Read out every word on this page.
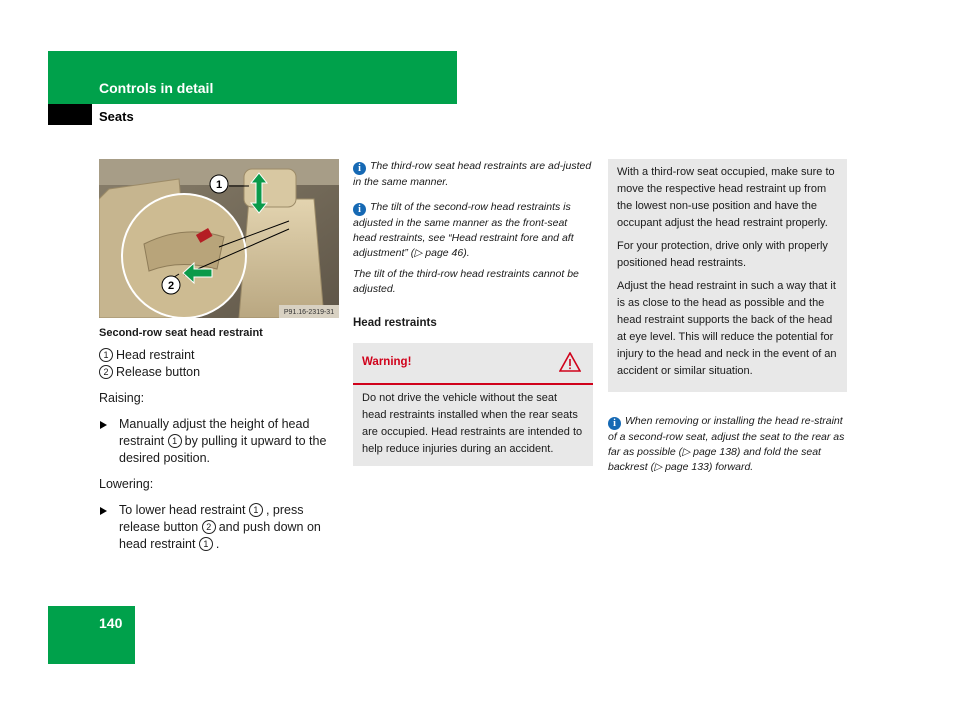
Controls in detail
Seats
1
2
P91.16-2319-31
Second-row seat head restraint
1 Head restraint
2 Release button
Raising:
Manually adjust the height of head restraint 1 by pulling it upward to the desired position.
Lowering:
To lower head restraint 1 , press release button 2 and push down on head restraint 1 .
i The third-row seat head restraints are ad-justed in the same manner.
i The tilt of the second-row head restraints is adjusted in the same manner as the front-seat head restraints, see “Head restraint fore and aft adjustment” (▷ page 46).
The tilt of the third-row head restraints cannot be adjusted.
Head restraints
Warning!
Do not drive the vehicle without the seat head restraints installed when the rear seats are occupied. Head restraints are intended to help reduce injuries during an accident.

With a third-row seat occupied, make sure to move the respective head restraint up from the lowest non-use position and have the occupant adjust the head restraint properly.

For your protection, drive only with properly positioned head restraints.

Adjust the head restraint in such a way that it is as close to the head as possible and the head restraint supports the back of the head at eye level. This will reduce the potential for injury to the head and neck in the event of an accident or similar situation.

i When removing or installing the head re-straint of a second-row seat, adjust the seat to the rear as far as possible (▷ page 138) and fold the seat backrest (▷ page 133) forward.
140
